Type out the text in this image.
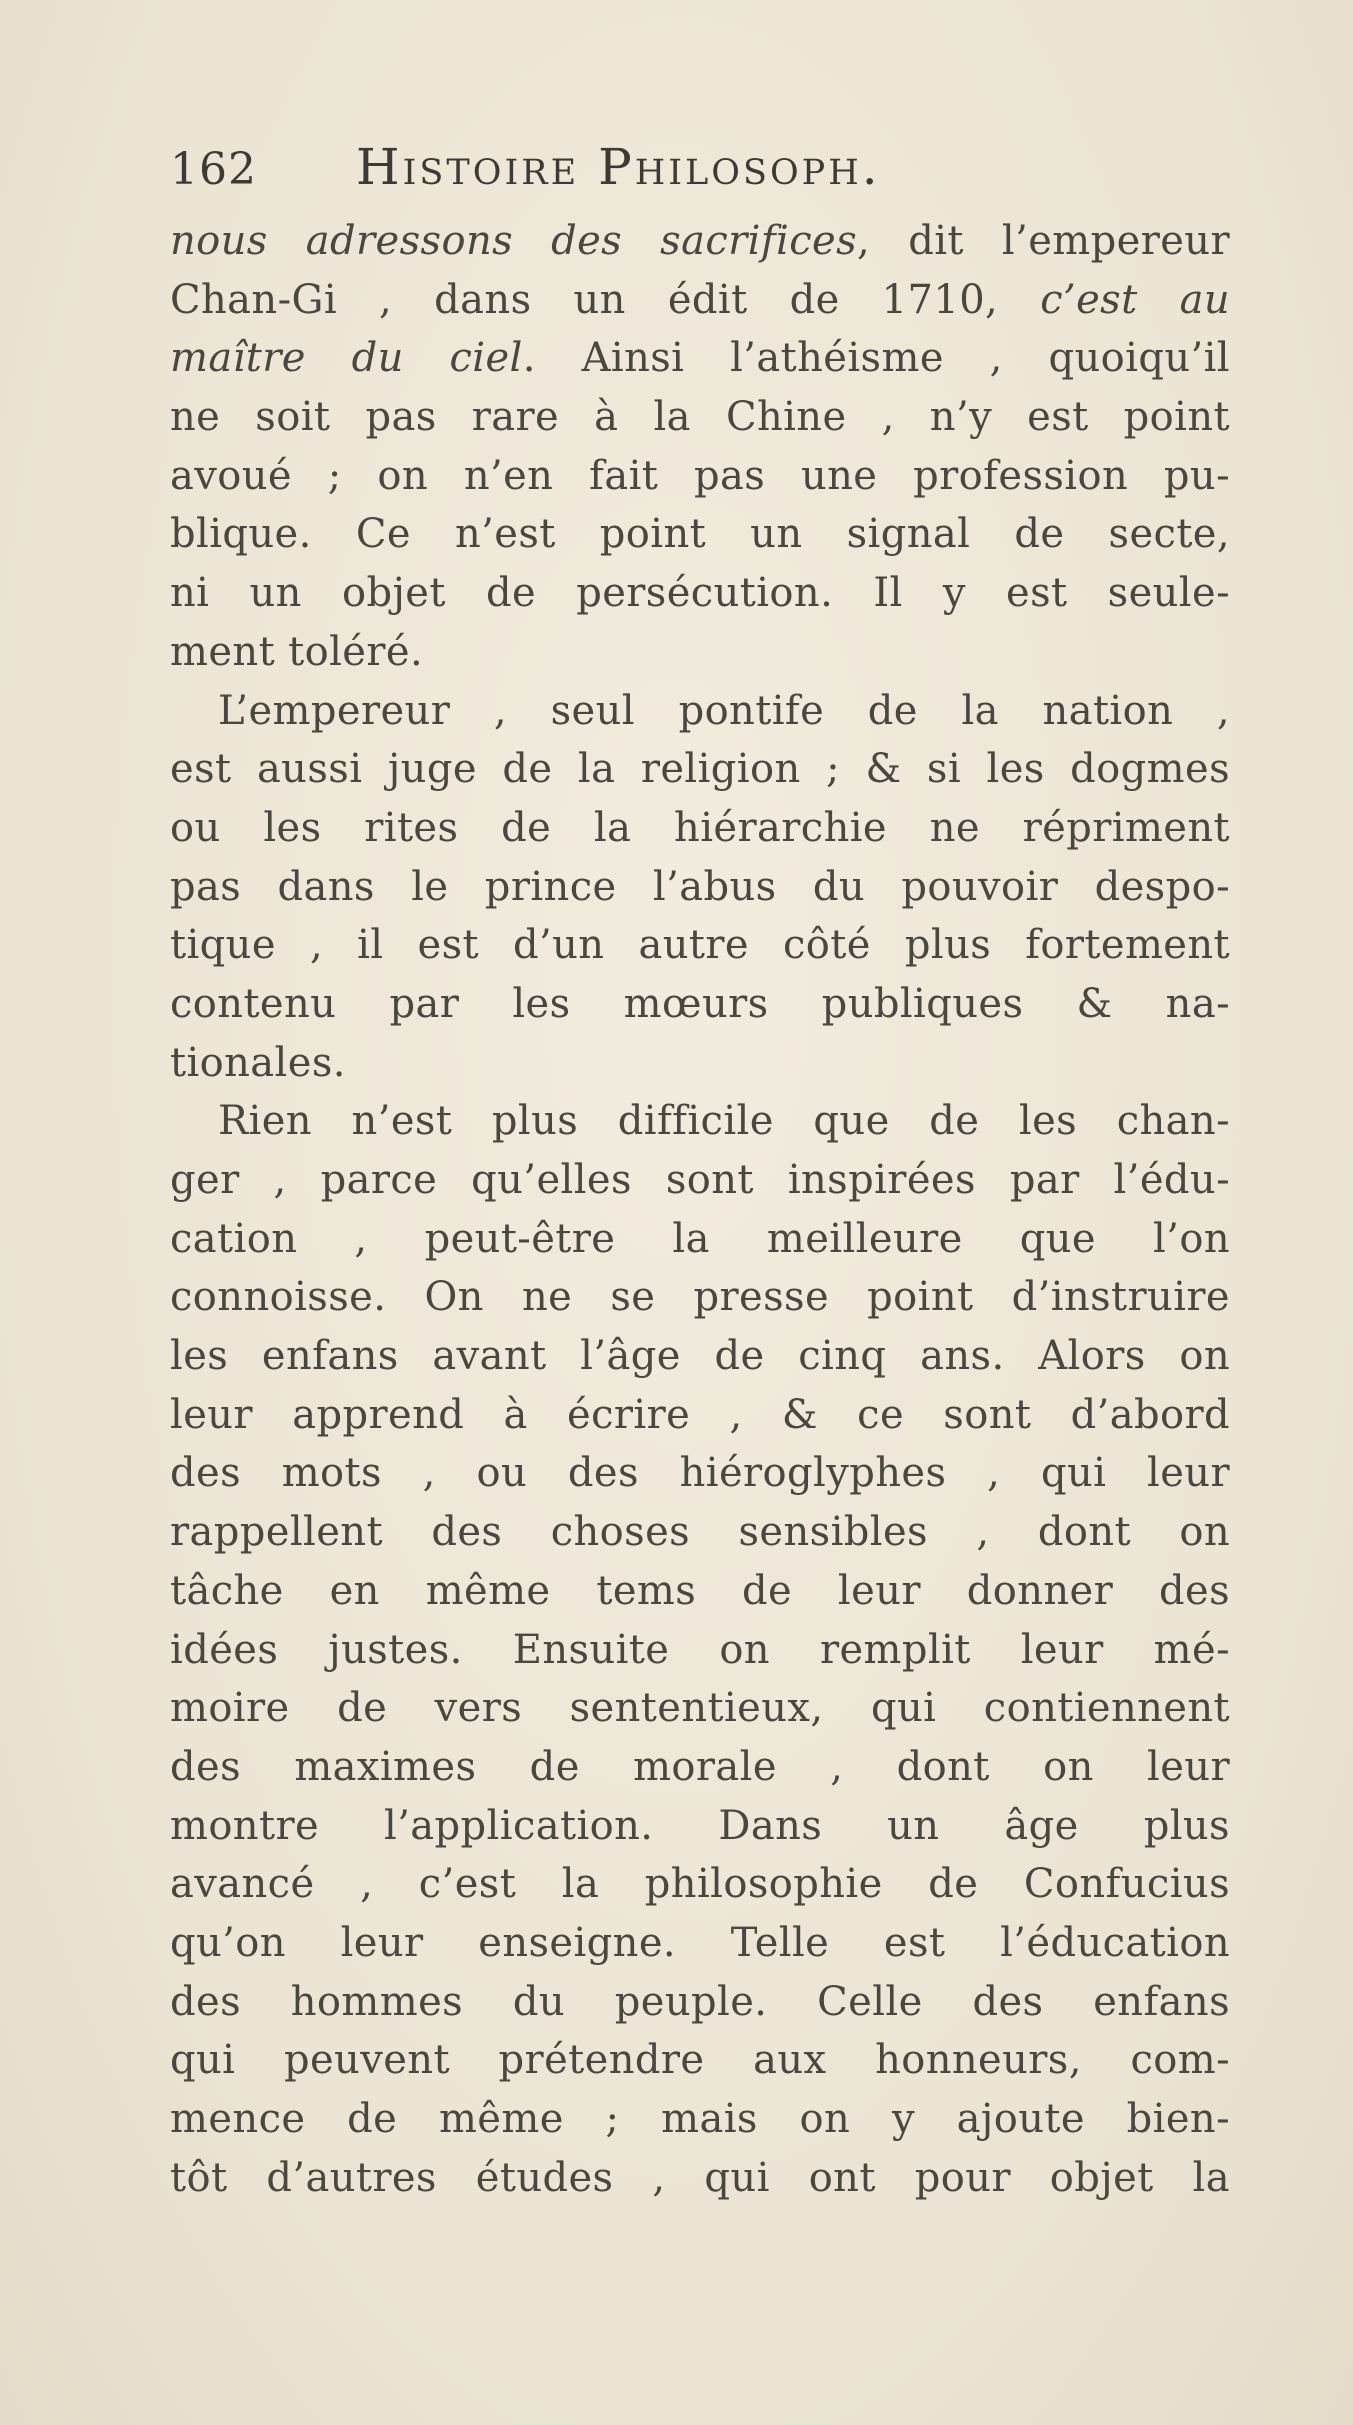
162 Histoire Philosoph.
nous adressons des sacrifices, dit l’empereur
Chan-Gi , dans un édit de 1710, c’est au
maître du ciel. Ainsi l’athéisme , quoiqu’il
ne soit pas rare à la Chine , n’y est point
avoué ; on n’en fait pas une profession pu-
blique. Ce n’est point un signal de secte,
ni un objet de persécution. Il y est seule-
ment toléré.
L’empereur , seul pontife de la nation ,
est aussi juge de la religion ; & si les dogmes
ou les rites de la hiérarchie ne répriment
pas dans le prince l’abus du pouvoir despo-
tique , il est d’un autre côté plus fortement
contenu par les mœurs publiques & na-
tionales.
Rien n’est plus difficile que de les chan-
ger , parce qu’elles sont inspirées par l’édu-
cation , peut-être la meilleure que l’on
connoisse. On ne se presse point d’instruire
les enfans avant l’âge de cinq ans. Alors on
leur apprend à écrire , & ce sont d’abord
des mots , ou des hiéroglyphes , qui leur
rappellent des choses sensibles , dont on
tâche en même tems de leur donner des
idées justes. Ensuite on remplit leur mé-
moire de vers sententieux, qui contiennent
des maximes de morale , dont on leur
montre l’application. Dans un âge plus
avancé , c’est la philosophie de Confucius
qu’on leur enseigne. Telle est l’éducation
des hommes du peuple. Celle des enfans
qui peuvent prétendre aux honneurs, com-
mence de même ; mais on y ajoute bien-
tôt d’autres études , qui ont pour objet la
